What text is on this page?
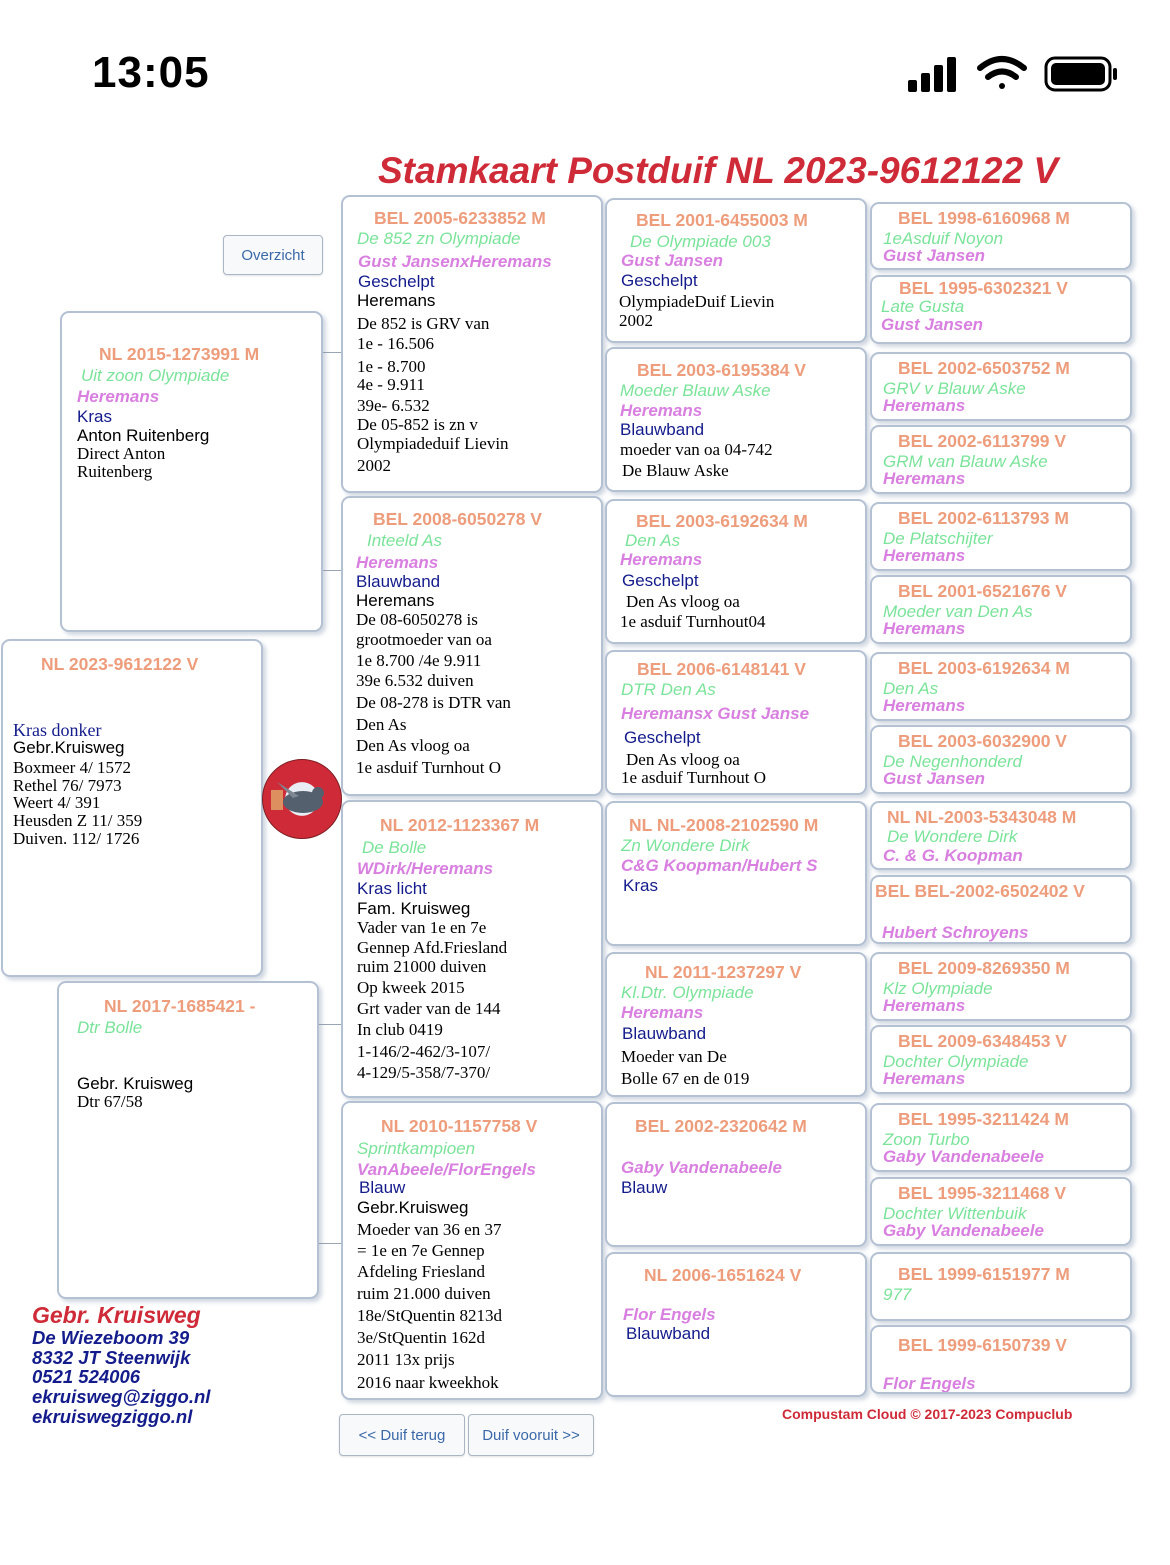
13:05
Stamkaart Postduif NL 2023-9612122 V
Overzicht
NL 2023-9612122 V
Kras donker
Gebr.Kruisweg
Boxmeer 4/ 1572
Rethel 76/ 7973
Weert 4/ 391
Heusden Z 11/ 359
Duiven. 112/ 1726
NL 2015-1273991 M
Uit zoon Olympiade
Heremans
Kras
Anton Ruitenberg
Direct Anton
Ruitenberg
NL 2017-1685421 -
Dtr Bolle
Gebr. Kruisweg
Dtr 67/58
BEL 2005-6233852 M
De 852 zn Olympiade
Gust JansenxHeremans
Geschelpt
Heremans
De 852 is GRV van
1e - 16.506
1e - 8.700
4e - 9.911
39e- 6.532
De 05-852 is zn v
Olympiadeduif Lievin
2002
BEL 2008-6050278 V
Inteeld As
Heremans
Blauwband
Heremans
De 08-6050278 is
grootmoeder van oa
1e 8.700 /4e 9.911
39e 6.532 duiven
De 08-278 is DTR van
Den As
Den As vloog oa
1e asduif Turnhout O
NL 2012-1123367 M
De Bolle
WDirk/Heremans
Kras licht
Fam. Kruisweg
Vader van 1e en 7e
Gennep Afd.Friesland
ruim 21000 duiven
Op kweek 2015
Grt vader van de 144
In club 0419
1-146/2-462/3-107/
4-129/5-358/7-370/
NL 2010-1157758 V
Sprintkampioen
VanAbeele/FlorEngels
Blauw
Gebr.Kruisweg
Moeder van 36 en 37
= 1e en 7e Gennep
Afdeling Friesland
ruim 21.000 duiven
18e/StQuentin 8213d
3e/StQuentin 162d
2011 13x prijs
2016 naar kweekhok
BEL 2001-6455003 M
De Olympiade 003
Gust Jansen
Geschelpt
OlympiadeDuif Lievin
2002
BEL 2003-6195384 V
Moeder Blauw Aske
Heremans
Blauwband
moeder van oa 04-742
De Blauw Aske
BEL 2003-6192634 M
Den As
Heremans
Geschelpt
Den As vloog oa
1e asduif Turnhout04
BEL 2006-6148141 V
DTR Den As
Heremansx Gust Janse
Geschelpt
Den As vloog oa
1e asduif Turnhout O
NL NL-2008-2102590 M
Zn Wondere Dirk
C&G Koopman/Hubert S
Kras
NL 2011-1237297 V
Kl.Dtr. Olympiade
Heremans
Blauwband
Moeder van De
Bolle 67 en de 019
BEL 2002-2320642 M
Gaby Vandenabeele
Blauw
NL 2006-1651624 V
Flor Engels
Blauwband
BEL 1998-6160968 M
1eAsduif Noyon
Gust Jansen
BEL 1995-6302321 V
Late Gusta
Gust Jansen
BEL 2002-6503752 M
GRV v Blauw Aske
Heremans
BEL 2002-6113799 V
GRM van Blauw Aske
Heremans
BEL 2002-6113793 M
De Platschijter
Heremans
BEL 2001-6521676 V
Moeder van Den As
Heremans
BEL 2003-6192634 M
Den As
Heremans
BEL 2003-6032900 V
De Negenhonderd
Gust Jansen
NL NL-2003-5343048 M
De Wondere Dirk
C. & G. Koopman
BEL BEL-2002-6502402 V
Hubert Schroyens
BEL 2009-8269350 M
Klz Olympiade
Heremans
BEL 2009-6348453 V
Dochter Olympiade
Heremans
BEL 1995-3211424 M
Zoon Turbo
Gaby Vandenabeele
BEL 1995-3211468 V
Dochter Wittenbuik
Gaby Vandenabeele
BEL 1999-6151977 M
977
BEL 1999-6150739 V
Flor Engels
<< Duif terug	Duif vooruit >>
Gebr. Kruisweg
De Wiezeboom 39
8332 JT Steenwijk
0521 524006
ekruisweg@ziggo.nl
ekruiswegziggo.nl	Compustam Cloud © 2017-2023 Compuclub
